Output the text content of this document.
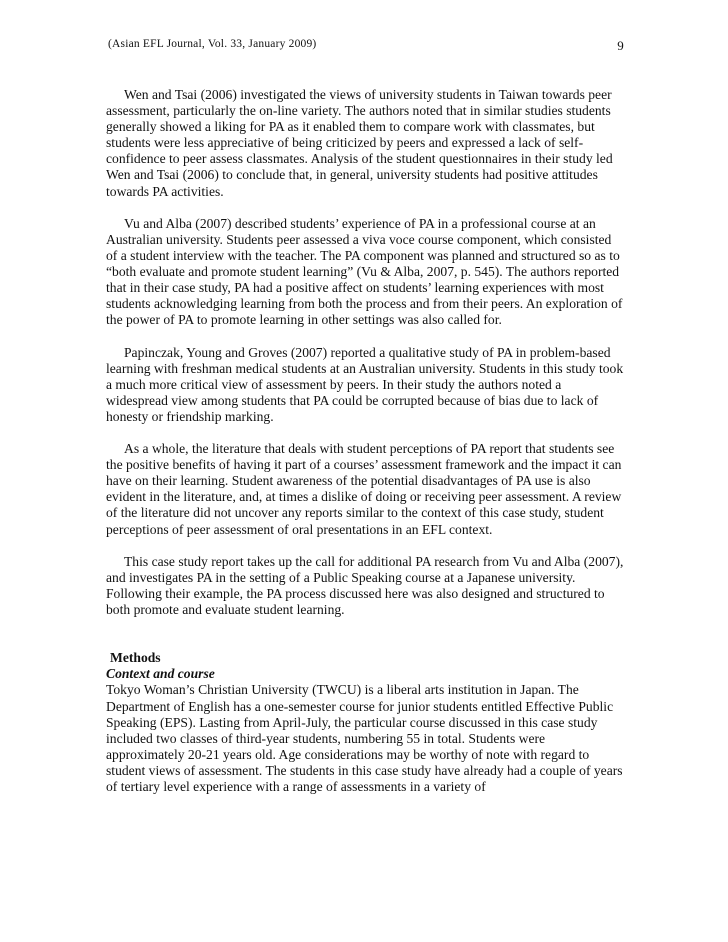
(Asian EFL Journal, Vol. 33, January 2009)	9

Wen and Tsai (2006) investigated the views of university students in Taiwan towards peer assessment, particularly the on-line variety. The authors noted that in similar studies students generally showed a liking for PA as it enabled them to compare work with classmates, but students were less appreciative of being criticized by peers and expressed a lack of self-confidence to peer assess classmates. Analysis of the student questionnaires in their study led Wen and Tsai (2006) to conclude that, in general, university students had positive attitudes towards PA activities.

Vu and Alba (2007) described students’ experience of PA in a professional course at an Australian university. Students peer assessed a viva voce course component, which consisted of a student interview with the teacher. The PA component was planned and structured so as to “both evaluate and promote student learning” (Vu & Alba, 2007, p. 545). The authors reported that in their case study, PA had a positive affect on students’ learning experiences with most students acknowledging learning from both the process and from their peers. An exploration of the power of PA to promote learning in other settings was also called for.

Papinczak, Young and Groves (2007) reported a qualitative study of PA in problem-based learning with freshman medical students at an Australian university. Students in this study took a much more critical view of assessment by peers. In their study the authors noted a widespread view among students that PA could be corrupted because of bias due to lack of honesty or friendship marking.

As a whole, the literature that deals with student perceptions of PA report that students see the positive benefits of having it part of a courses’ assessment framework and the impact it can have on their learning. Student awareness of the potential disadvantages of PA use is also evident in the literature, and, at times a dislike of doing or receiving peer assessment. A review of the literature did not uncover any reports similar to the context of this case study, student perceptions of peer assessment of oral presentations in an EFL context.

This case study report takes up the call for additional PA research from Vu and Alba (2007), and investigates PA in the setting of a Public Speaking course at a Japanese university. Following their example, the PA process discussed here was also designed and structured to both promote and evaluate student learning.

Methods

Context and course

Tokyo Woman’s Christian University (TWCU) is a liberal arts institution in Japan. The Department of English has a one-semester course for junior students entitled Effective Public Speaking (EPS). Lasting from April-July, the particular course discussed in this case study included two classes of third-year students, numbering 55 in total. Students were approximately 20-21 years old. Age considerations may be worthy of note with regard to student views of assessment. The students in this case study have already had a couple of years of tertiary level experience with a range of assessments in a variety of
